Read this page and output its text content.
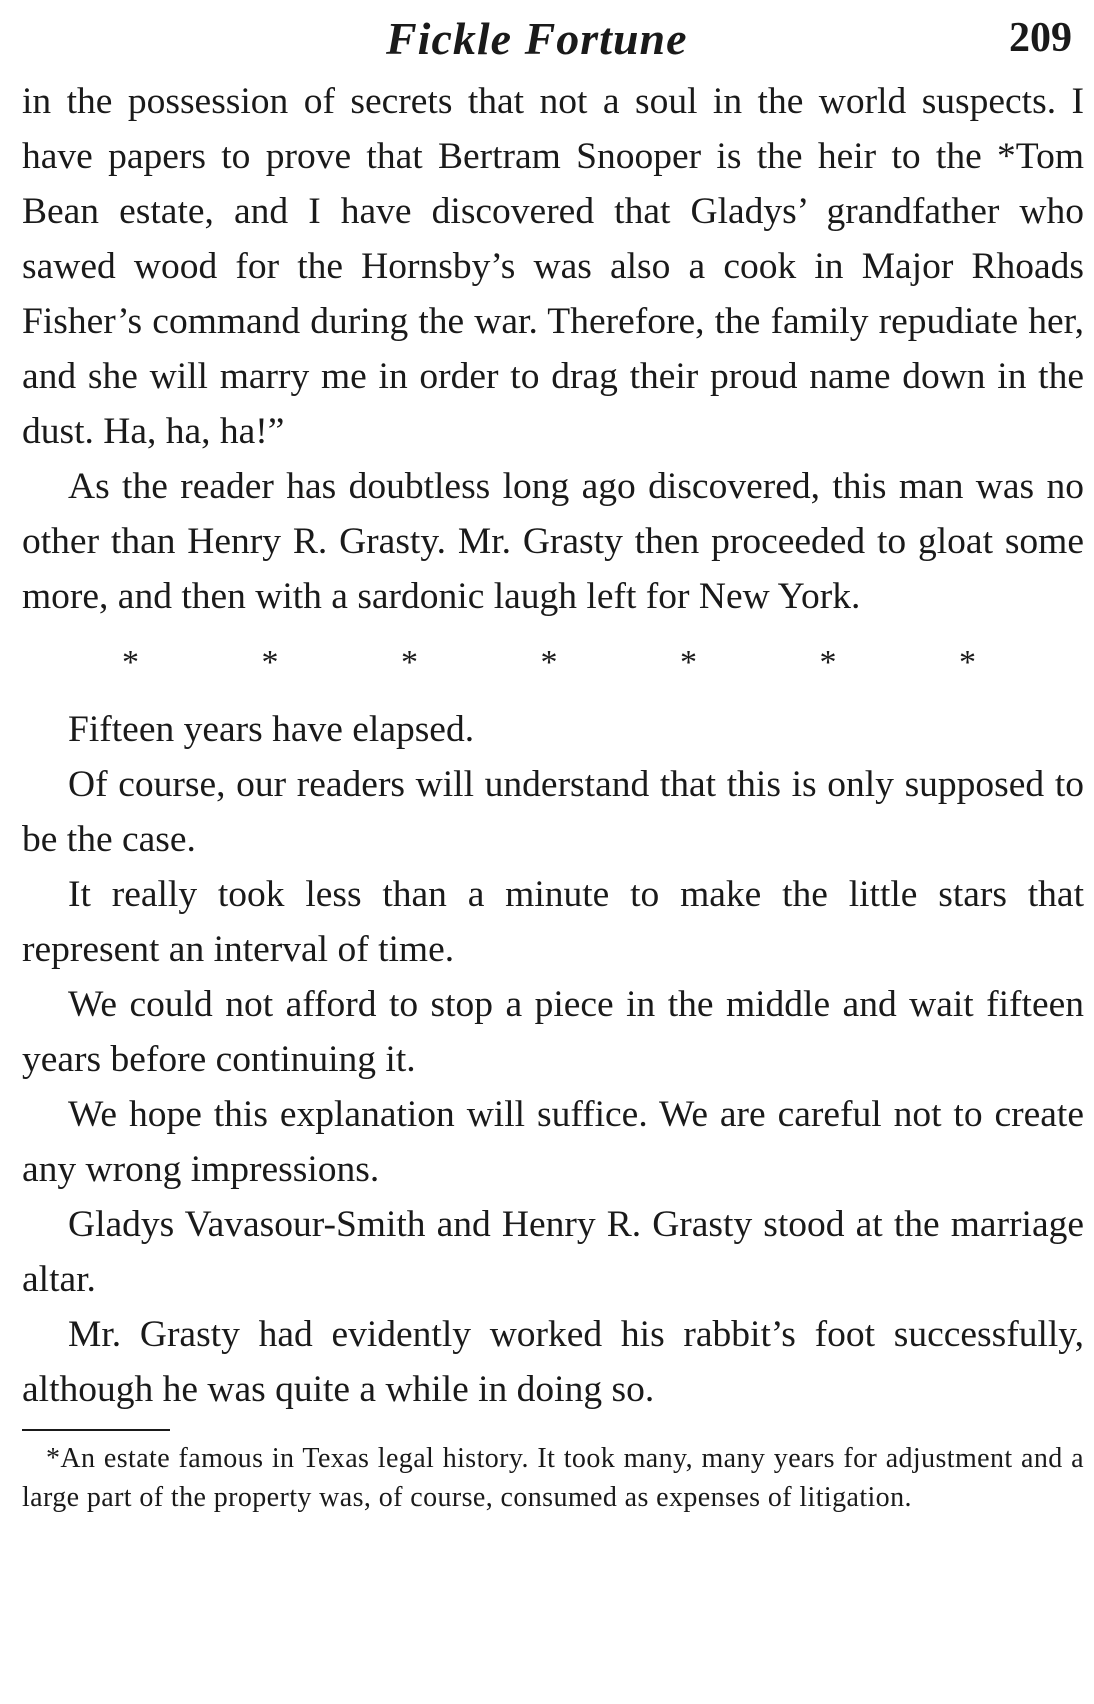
Fickle Fortune	209

in the possession of secrets that not a soul in the world suspects. I have papers to prove that Bertram Snooper is the heir to the *Tom Bean estate, and I have discovered that Gladys’ grandfather who sawed wood for the Hornsby’s was also a cook in Major Rhoads Fisher’s command during the war. Therefore, the family repudiate her, and she will marry me in order to drag their proud name down in the dust. Ha, ha, ha!”

As the reader has doubtless long ago discovered, this man was no other than Henry R. Grasty. Mr. Grasty then proceeded to gloat some more, and then with a sardonic laugh left for New York.

*	*	*	*	*	*	*

Fifteen years have elapsed.

Of course, our readers will understand that this is only supposed to be the case.

It really took less than a minute to make the little stars that represent an interval of time.

We could not afford to stop a piece in the middle and wait fifteen years before continuing it.

We hope this explanation will suffice. We are careful not to create any wrong impressions.

Gladys Vavasour-Smith and Henry R. Grasty stood at the marriage altar.

Mr. Grasty had evidently worked his rabbit’s foot successfully, although he was quite a while in doing so.

*An estate famous in Texas legal history. It took many, many years for adjustment and a large part of the property was, of course, consumed as expenses of litigation.
